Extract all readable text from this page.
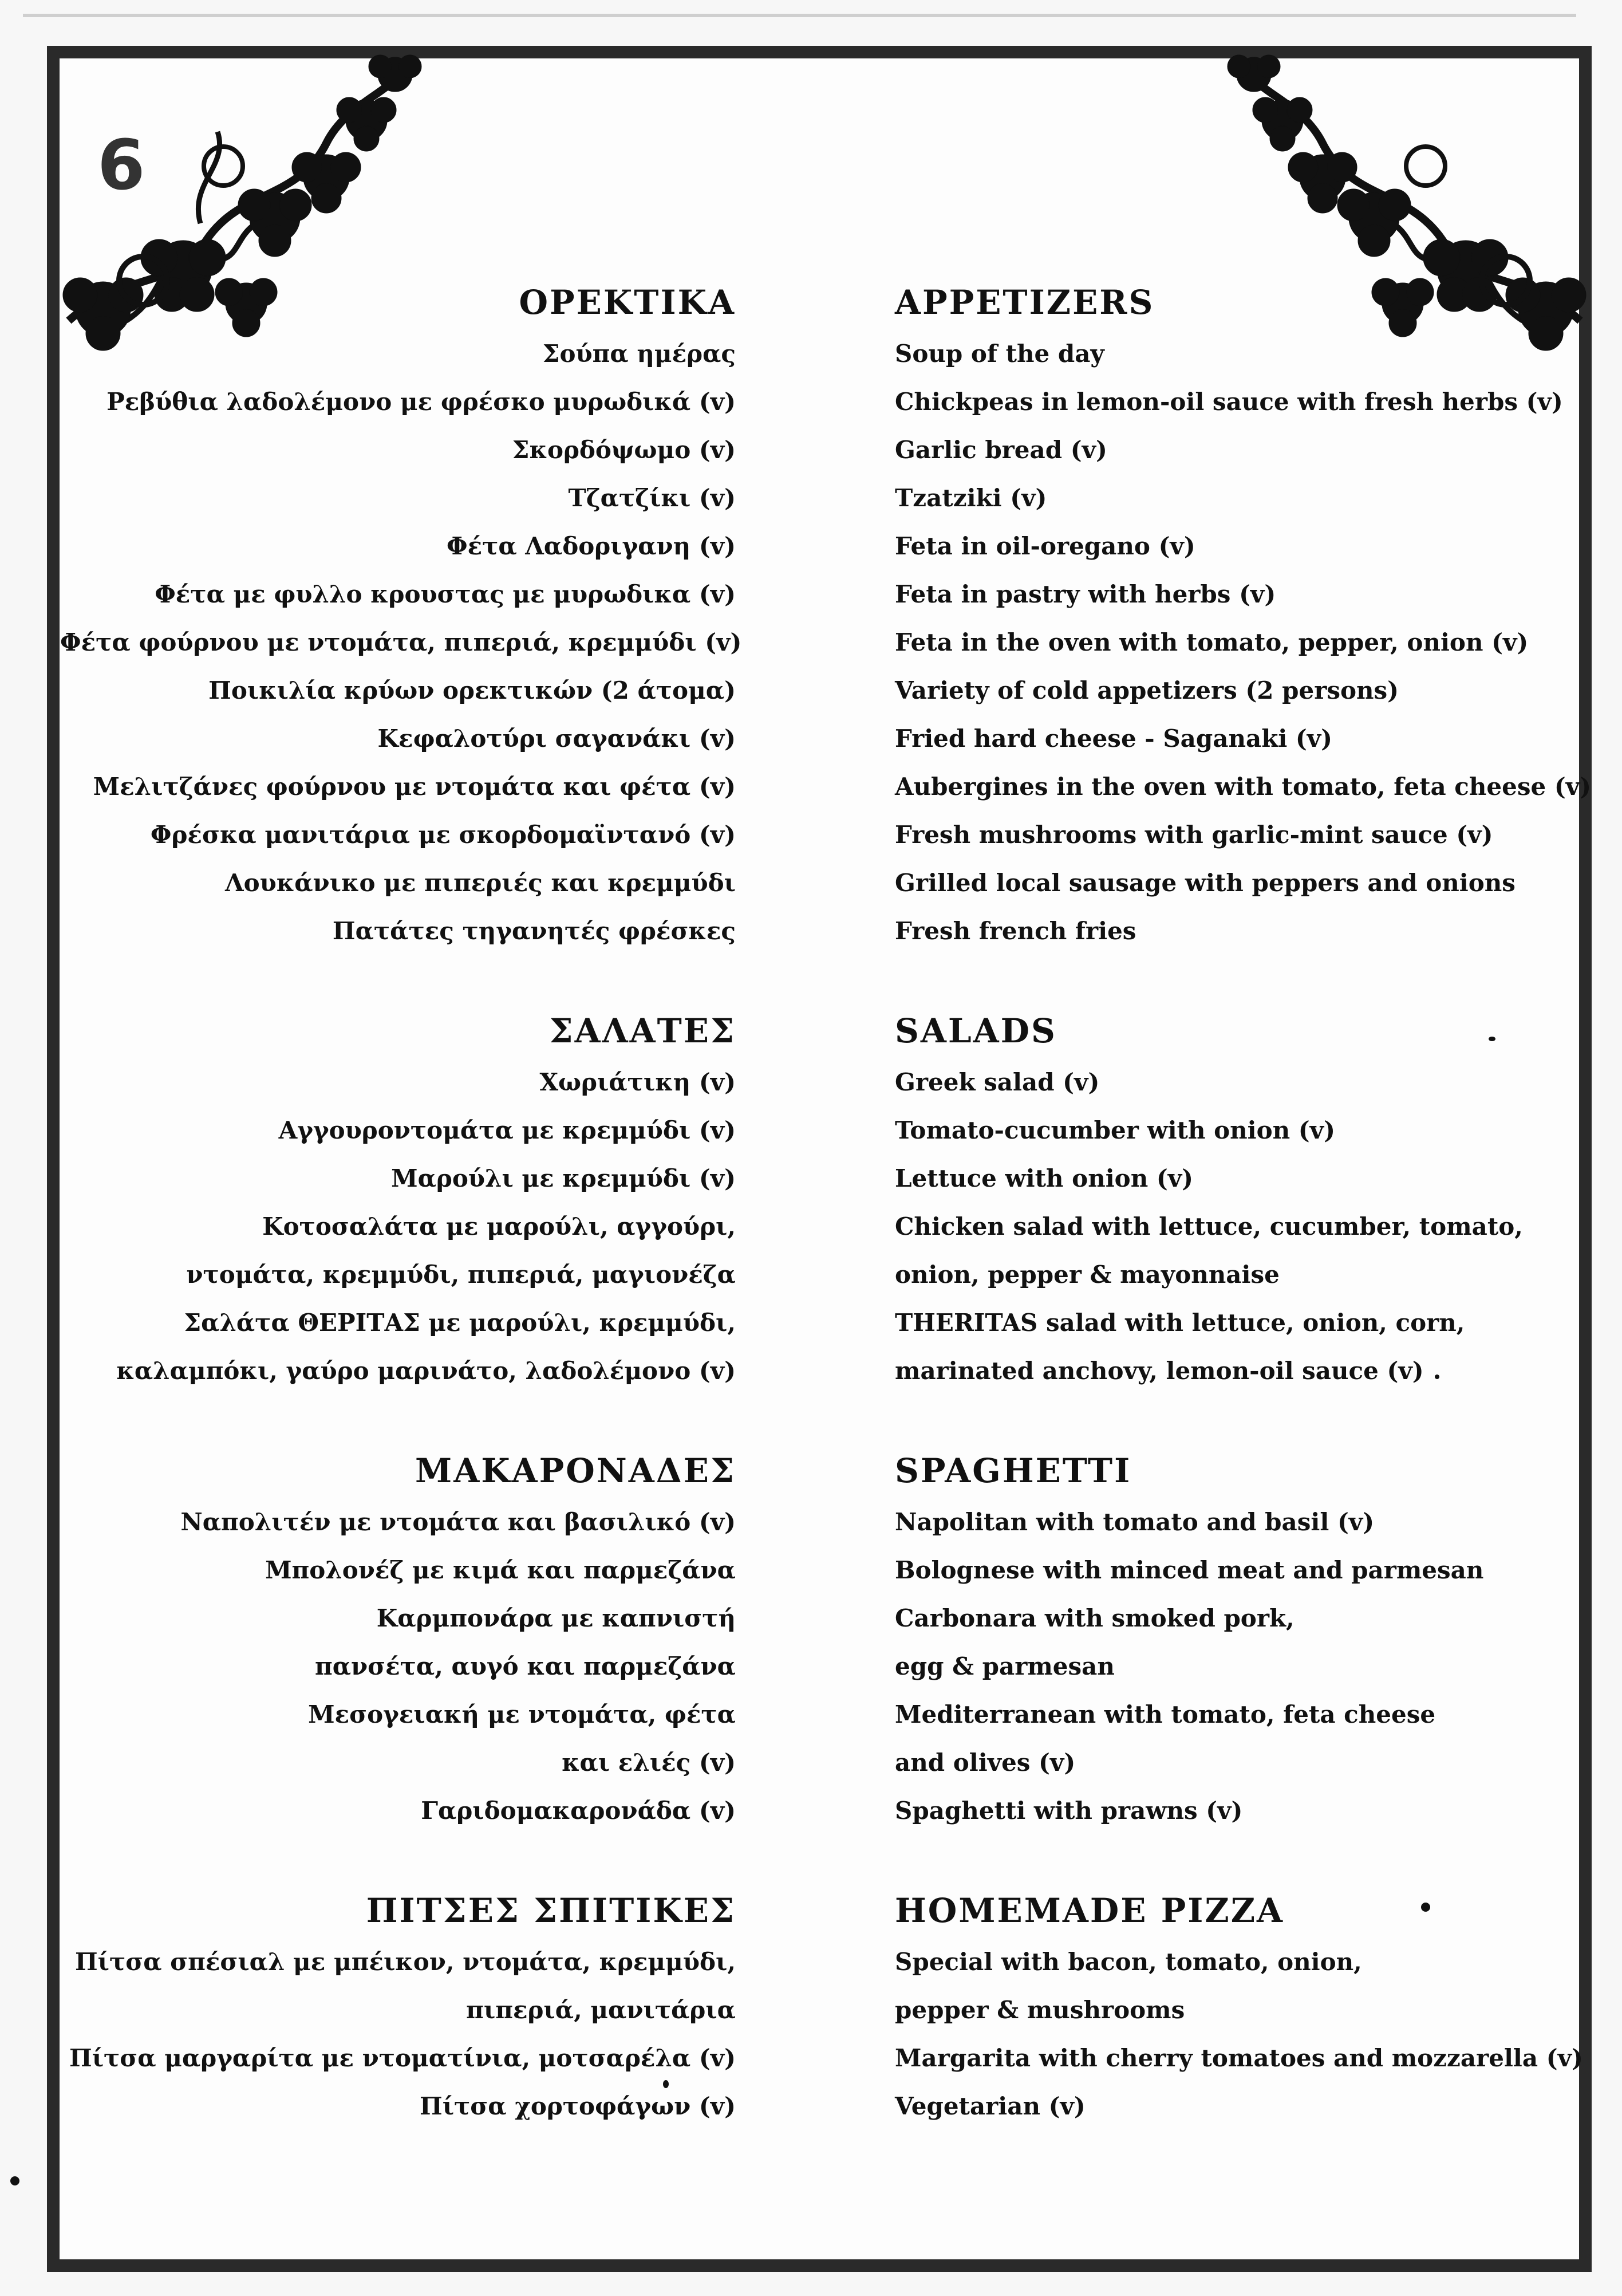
6
ΟΡΕΚΤΙΚΑ
Σούπα ημέρας
Ρεβύθια λαδολέμονο με φρέσκο μυρωδικά (v)
Σκορδόψωμο (v)
Τζατζίκι (v)
Φέτα Λαδοριγανη (v)
Φέτα με φυλλο κρουστας με μυρωδικα (v)
Φέτα φούρνου με ντομάτα, πιπεριά, κρεμμύδι (v)
Ποικιλία κρύων ορεκτικών (2 άτομα)
Κεφαλοτύρι σαγανάκι (v)
Μελιτζάνες φούρνου με ντομάτα και φέτα (v)
Φρέσκα μανιτάρια με σκορδομαϊντανό (v)
Λουκάνικο με πιπεριές και κρεμμύδι
Πατάτες τηγανητές φρέσκες
ΣΑΛΑΤΕΣ
Χωριάτικη (v)
Αγγουροντομάτα με κρεμμύδι (v)
Μαρούλι με κρεμμύδι (v)
Κοτοσαλάτα με μαρούλι, αγγούρι,
ντομάτα, κρεμμύδι, πιπεριά, μαγιονέζα
Σαλάτα ΘΕΡΙΤΑΣ με μαρούλι, κρεμμύδι,
καλαμπόκι, γαύρο μαρινάτο, λαδολέμονο (v)
ΜΑΚΑΡΟΝΑΔΕΣ
Ναπολιτέν με ντομάτα και βασιλικό (v)
Μπολονέζ με κιμά και παρμεζάνα
Καρμπονάρα με καπνιστή
πανσέτα, αυγό και παρμεζάνα
Μεσογειακή με ντομάτα, φέτα
και ελιές (v)
Γαριδομακαρονάδα (v)
ΠΙΤΣΕΣ ΣΠΙΤΙΚΕΣ
Πίτσα σπέσιαλ με μπέικον, ντομάτα, κρεμμύδι,
πιπεριά, μανιτάρια
Πίτσα μαργαρίτα με ντοματίνια, μοτσαρέλα (v)
Πίτσα χορτοφάγων (v)
APPETIZERS
Soup of the day
Chickpeas in lemon-oil sauce with fresh herbs (v)
Garlic bread (v)
Tzatziki (v)
Feta in oil-oregano (v)
Feta in pastry with herbs (v)
Feta in the oven with tomato, pepper, onion (v)
Variety of cold appetizers (2 persons)
Fried hard cheese - Saganaki (v)
Aubergines in the oven with tomato, feta cheese (v)
Fresh mushrooms with garlic-mint sauce (v)
Grilled local sausage with peppers and onions
Fresh french fries
SALADS
Greek salad (v)
Tomato-cucumber with onion (v)
Lettuce with onion (v)
Chicken salad with lettuce, cucumber, tomato,
onion, pepper & mayonnaise
THERITAS salad with lettuce, onion, corn,
marinated anchovy, lemon-oil sauce (v)
SPAGHETTI
Napolitan with tomato and basil (v)
Bolognese with minced meat and parmesan
Carbonara with smoked pork,
egg & parmesan
Mediterranean with tomato, feta cheese
and olives (v)
Spaghetti with prawns (v)
HOMEMADE PIZZA
Special with bacon, tomato, onion,
pepper & mushrooms
Margarita with cherry tomatoes and mozzarella (v)
Vegetarian (v)
